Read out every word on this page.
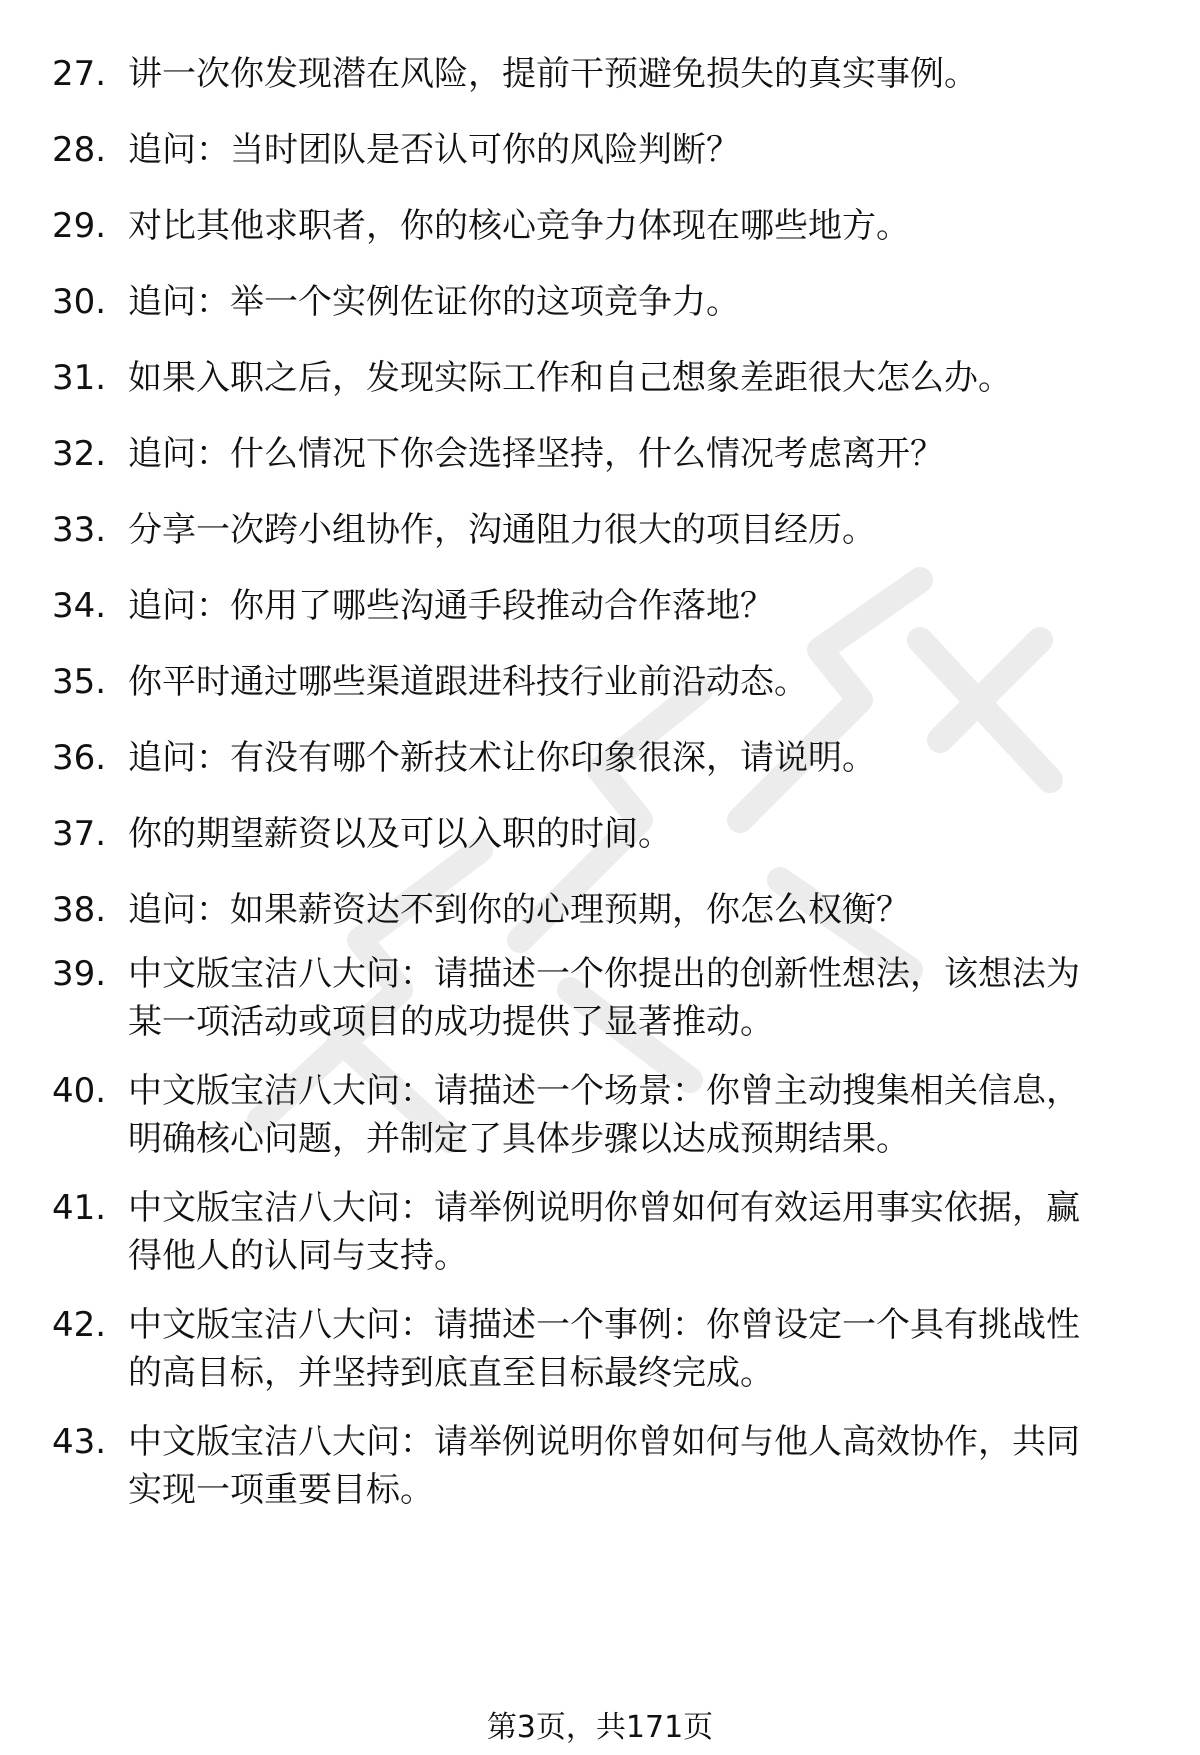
27. 讲一次你发现潜在风险，提前干预避免损失的真实事例。
28. 追问：当时团队是否认可你的风险判断？
29. 对比其他求职者，你的核心竞争力体现在哪些地方。
30. 追问：举一个实例佐证你的这项竞争力。
31. 如果入职之后，发现实际工作和自己想象差距很大怎么办。
32. 追问：什么情况下你会选择坚持，什么情况考虑离开？
33. 分享一次跨小组协作，沟通阻力很大的项目经历。
34. 追问：你用了哪些沟通手段推动合作落地？
35. 你平时通过哪些渠道跟进科技行业前沿动态。
36. 追问：有没有哪个新技术让你印象很深，请说明。
37. 你的期望薪资以及可以入职的时间。
38. 追问：如果薪资达不到你的心理预期，你怎么权衡？
39. 中文版宝洁八大问：请描述一个你提出的创新性想法，该想法为
某一项活动或项目的成功提供了显著推动。
40. 中文版宝洁八大问：请描述一个场景：你曾主动搜集相关信息，
明确核心问题，并制定了具体步骤以达成预期结果。
41. 中文版宝洁八大问：请举例说明你曾如何有效运用事实依据，赢
得他人的认同与支持。
42. 中文版宝洁八大问：请描述一个事例：你曾设定一个具有挑战性
的高目标，并坚持到底直至目标最终完成。
43. 中文版宝洁八大问：请举例说明你曾如何与他人高效协作，共同
实现一项重要目标。
第3页，共171页
